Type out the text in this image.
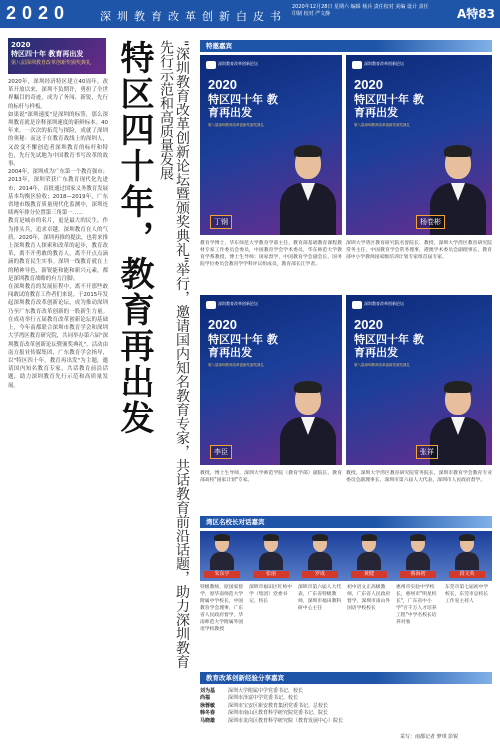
2020	深圳教育改革创新白皮书
2020年12月28日 星期六 编辑 杨兵 责任校对 美编 设计 责任印制 校对 严文静	A特83
2020
特区四十年 教育再出发
第八届深圳教育改革创新奖颁奖典礼
2020年，深圳经济特区建立40周年。改革开放以来，深圳不负期许，勇担了全世界瞩目的奇迹，成为了务闯、新锐、先行的标杆与样板。
如果说"深圳速度"是深圳的标签，那么深圳教育就是诠释深圳速度的新鲜标本。40年来，一次次的拓荒与探险，成就了深圳的奥秘：而这于在教育战线上的深圳人，又改变不懈创造者深圳教育的标杆和特色，先行先试地为中国教育书写改革的故事。
2004年，深圳成为广东第一个教育强市；2013年，深圳荣获广东教育现代化先进市；2014年，首批通过国家义务教育发展基本均衡区验收；2018—2019年，广东省地市级教育质量现代化监测中，深圳连续两年排分位置第三角第一……
教育是城市的名片，更是最大的民生，作为排头兵，追求卓越。深圳教育在人的气质。2020年，深圳再推的提法，也将来推上深圳教育人探索和改革的起步，教育改革，离不开勇敢的教育人，离不开点点滴滴的教育民生实事。深圳一线教育就在上的精神导色，新锐能和能和新兴元素，都是深圳教育战略的有力注脚。
在深圳教育的发展征程中，离不开那些敢闯敢试的教育工作者们来说。于2015年发起深圳教育改革创新论坛，成为推动深圳乃至广东教育改革创新的一股新生力量。在成功举行五届教育改革创新论坛的基础上，今年南都联合深圳市教育学会和深圳大学湾区教育研究院，共同举办第六届"深圳教育改革创新论坛暨颁奖典礼"。活动由南方报业传媒集团、广东教育学会指导，以"特区四十年，教育再出发"为主题，邀请国内知名教育专家，共话教育前沿话题，助力深圳教育先行示范和高质量发展。	特区四十年，教育再出发	"深圳教育改革创新论坛暨颁奖典礼"举行，邀请国内知名教育专家，共话教育前沿话题，助力深圳教育先行示范和高质量发展	特邀嘉宾
深圳教育改革创新论坛
2020
特区四十年 教育再出发
第八届深圳教育改革创新奖颁奖典礼
丁钢
深圳教育改革创新论坛
2020
特区四十年 教育再出发
第八届深圳教育改革创新奖颁奖典礼
杨卷彬
教育学博士，华东师范大学教育学部主任，教育部基础教育课程教材专家工作委员会委员，中国教育学会学术委员，华东师范大学教育学系教授，博士生导师；国家督学，中国教育学会副会长，国务院学位委员会教育学学科评议组成员，教育部长江学者。
深圳大学湾区教育研究院名誉院长、教授，深圳大学湾区教育研究院常务主任，中国教育学会常务理事，港澳学术委员会副理事长，教育部中小学教师国家级培训计划专家组首届专家。
深圳教育改革创新论坛
2020
特区四十年 教育再出发
第八届深圳教育改革创新奖颁奖典礼
李臣
深圳教育改革创新论坛
2020
特区四十年 教育再出发
第八届深圳教育改革创新奖颁奖典礼
张祥
教授，博士生导师，深圳大学师范学院（教育学部）副院长，教育部高校"国家计划"专家。
教授，深圳大学湾区教育研究院常务院长，深圳市教育学会教育专业委员会副理事长，深圳市第六届人大代表，深圳市人民政府督学。
湾区名校长对话嘉宾
朱东宇	张丽	罗成	黄健	蔡海初	段文英
特级教师，原国家督学，原华南师范大学附属中学校长，中国教育学会理事，广东省人民政府督学，华南师范大学附属外国语学校教授
深圳市福田区红岭中学（集团）党委书记、校长
深圳市第六届人大代表，广东省特级教师，深圳市福田教科研中心主任
初中语文正高级教师，广东省人民政府督学，深圳市南山外国语学校校长
惠州市实验中学校长，惠州市"明星校长"，广东省中小学"百千万人才培养工程"中学名校长培养对象
东莞市第七届初中学校长，东莞市总校长工作室主持人
教育改革创新经验分享嘉宾
刘为基	深圳大学附属中学党委书记、校长
尚福	深圳市泽富中学党委书记、校长
徐蓉敏	深圳市宝安区新安教育集团党委书记、总校长
韩冬春	深圳市南山区教育科学研究院党委书记、院长
马晓雄	深圳市龙岗区教育科学研究院（教育发展中心）院长
采写：南都记者 梦琪 彭锐
